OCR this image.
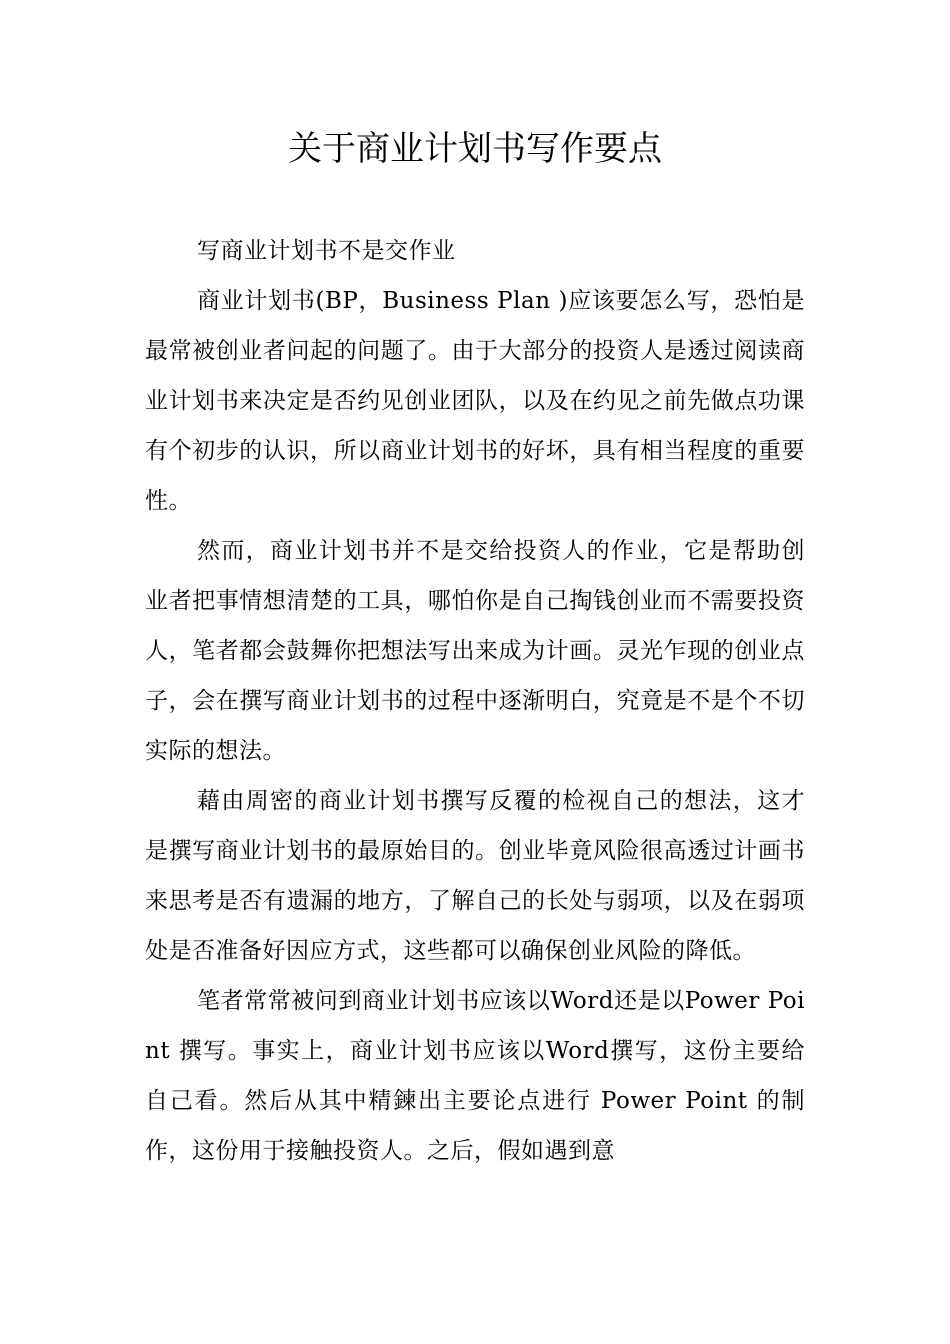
关于商业计划书写作要点

写商业计划书不是交作业

商业计划书(BP，Business Plan )应该要怎么写，恐怕是最常被创业者问起的问题了。由于大部分的投资人是透过阅读商业计划书来决定是否约见创业团队，以及在约见之前先做点功课有个初步的认识，所以商业计划书的好坏，具有相当程度的重要性。

然而，商业计划书并不是交给投资人的作业，它是帮助创业者把事情想清楚的工具，哪怕你是自己掏钱创业而不需要投资人，笔者都会鼓舞你把想法写出来成为计画。灵光乍现的创业点子，会在撰写商业计划书的过程中逐渐明白，究竟是不是个不切实际的想法。

藉由周密的商业计划书撰写反覆的检视自己的想法，这才是撰写商业计划书的最原始目的。创业毕竟风险很高透过计画书来思考是否有遗漏的地方，了解自己的长处与弱项，以及在弱项处是否准备好因应方式，这些都可以确保创业风险的降低。

笔者常常被问到商业计划书应该以Word还是以Power Point 撰写。事实上，商业计划书应该以Word撰写，这份主要给自己看。然后从其中精鍊出主要论点进行 Power Point 的制作，这份用于接触投资人。之后，假如遇到意
